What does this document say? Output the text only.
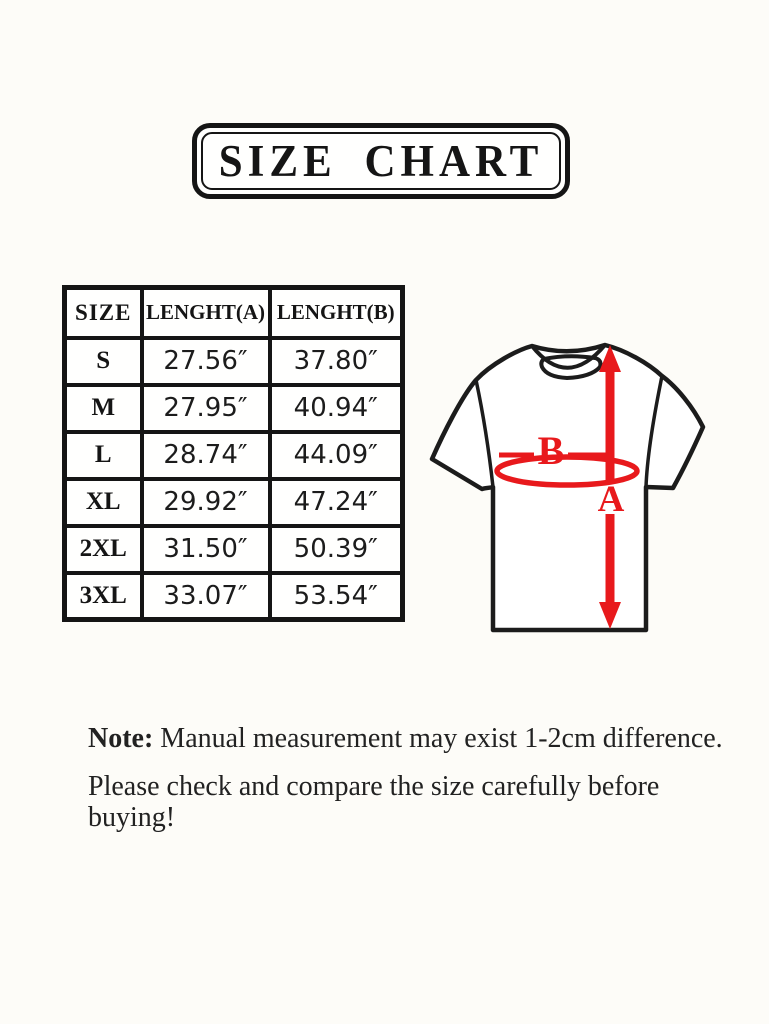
SIZE CHART
SIZE	LENGHT(A)	LENGHT(B)
S	27.56″	37.80″
M	27.95″	40.94″
L	28.74″	44.09″
XL	29.92″	47.24″
2XL	31.50″	50.39″
3XL	33.07″	53.54″
B
A

Note: Manual measurement may exist 1-2cm difference.

Please check and compare the size carefully before buying!
